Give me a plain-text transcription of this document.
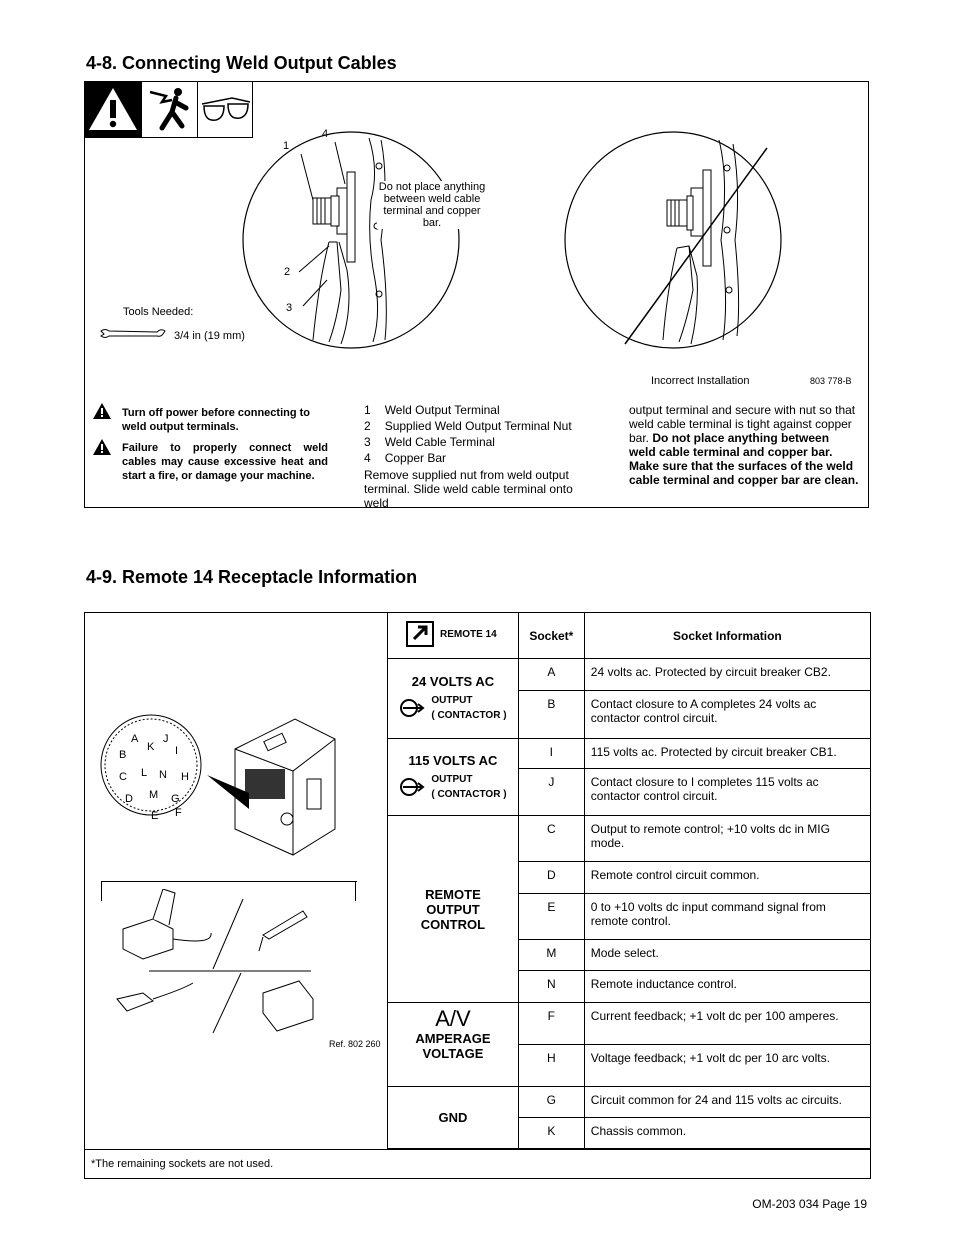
4-8. Connecting Weld Output Cables
1
4
2
3
Do not place anything between weld cable terminal and copper bar.
Tools Needed:
3/4 in (19 mm)
Incorrect Installation	803 778-B
Turn off power before connecting to weld output terminals.
Failure to properly connect weld cables may cause excessive heat and start a fire, or damage your machine.
1 Weld Output Terminal
2 Supplied Weld Output Terminal Nut
3 Weld Cable Terminal
4 Copper Bar
Remove supplied nut from weld output terminal. Slide weld cable terminal onto weld
output terminal and secure with nut so that weld cable terminal is tight against copper bar. Do not place anything between weld cable terminal and copper bar. Make sure that the surfaces of the weld cable terminal and copper bar are clean.
4-9. Remote 14 Receptacle Information
A J
K
B	I
C L N H
D M G
E F
Ref. 802 260
*The remaining sockets are not used.
REMOTE 14	Socket*	Socket Information

24 VOLTS AC
OUTPUT
( CONTACTOR )	A	24 volts ac. Protected by circuit breaker CB2.
	B	Contact closure to A completes 24 volts ac contactor control circuit.

115 VOLTS AC
OUTPUT
( CONTACTOR )	I	115 volts ac. Protected by circuit breaker CB1.
	J	Contact closure to I completes 115 volts ac contactor control circuit.
REMOTE OUTPUT CONTROL	C	Output to remote control; +10 volts dc in MIG mode.
	D	Remote control circuit common.
	E	0 to +10 volts dc input command signal from remote control.
	M	Mode select.
	N	Remote inductance control.

A/V
AMPERAGE VOLTAGE	F	Current feedback; +1 volt dc per 100 amperes.
	H	Voltage feedback; +1 volt dc per 10 arc volts.
GND	G	Circuit common for 24 and 115 volts ac circuits.
	K	Chassis common.
OM-203 034 Page 19
